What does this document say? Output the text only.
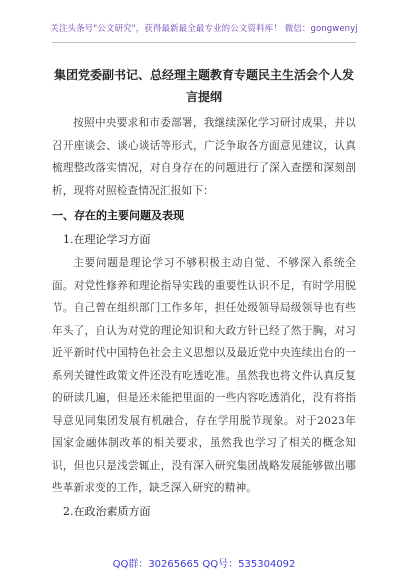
关注头条号"公文研究"，获得最新最全最专业的公文资料库！ 微信：gongwenyj
集团党委副书记、总经理主题教育专题民主生活会个人发言提纲

按照中央要求和市委部署，我继续深化学习研讨成果，并以召开座谈会、谈心谈话等形式，广泛争取各方面意见建议，认真梳理整改落实情况，对自身存在的问题进行了深入查摆和深刻剖析，现将对照检查情况汇报如下：

一、存在的主要问题及表现
1.在理论学习方面

主要问题是理论学习不够积极主动自觉、不够深入系统全面。对党性修养和理论指导实践的重要性认识不足，有时学用脱节。自己曾在组织部门工作多年，担任处级领导局级领导也有些年头了，自认为对党的理论知识和大政方针已经了然于胸，对习近平新时代中国特色社会主义思想以及最近党中央连续出台的一系列关键性政策文件还没有吃透吃准。虽然我也将文件认真反复的研读几遍，但是还未能把里面的一些内容吃透消化，没有将指导意见同集团发展有机融合，存在学用脱节现象。对于2023年国家金融体制改革的相关要求，虽然我也学习了相关的概念知识，但也只是浅尝辄止，没有深入研究集团战略发展能够做出哪些革新求变的工作，缺乏深入研究的精神。

2.在政治素质方面
QQ群：30265665 QQ号：535304092
